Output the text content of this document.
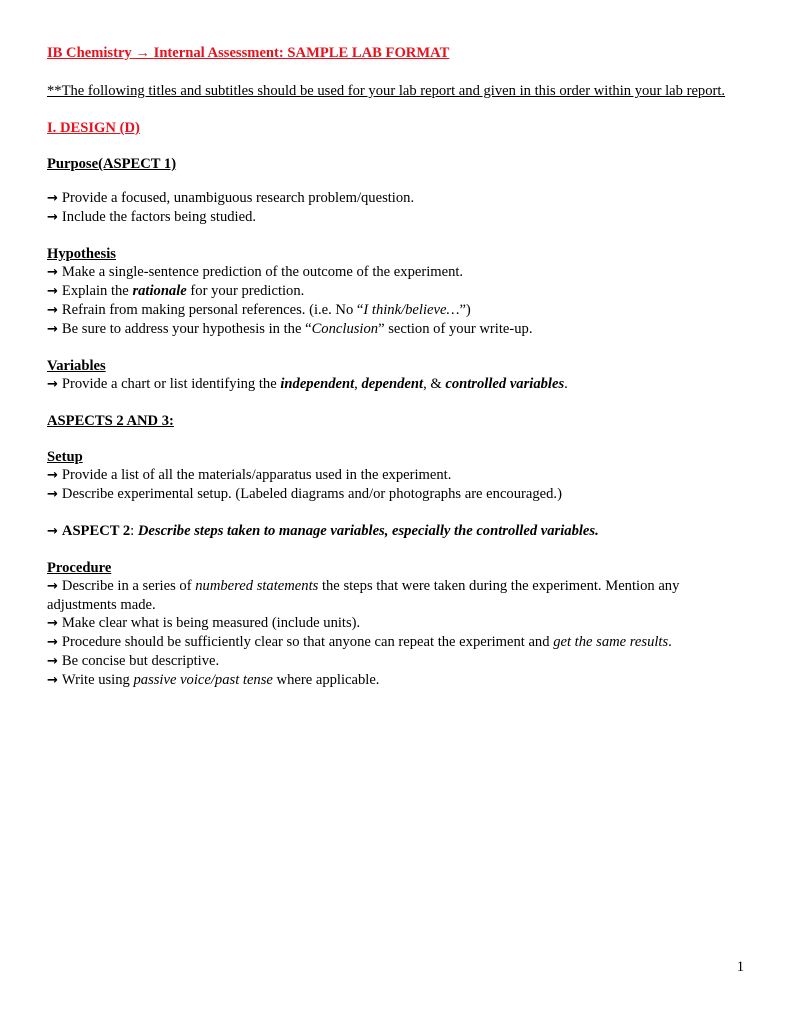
IB Chemistry → Internal Assessment: SAMPLE LAB FORMAT
**The following titles and subtitles should be used for your lab report and given in this order within your lab report.
I. DESIGN (D)
Purpose(ASPECT 1)
→ Provide a focused, unambiguous research problem/question.
→ Include the factors being studied.
Hypothesis
→ Make a single-sentence prediction of the outcome of the experiment.
→ Explain the rationale for your prediction.
→ Refrain from making personal references. (i.e. No “I think/believe…”)
→ Be sure to address your hypothesis in the “Conclusion” section of your write-up.
Variables
→ Provide a chart or list identifying the independent, dependent, & controlled variables.
ASPECTS 2 AND 3:
Setup
→ Provide a list of all the materials/apparatus used in the experiment.
→ Describe experimental setup. (Labeled diagrams and/or photographs are encouraged.)
→ ASPECT 2: Describe steps taken to manage variables, especially the controlled variables.
Procedure
→ Describe in a series of numbered statements the steps that were taken during the experiment. Mention any adjustments made.
→ Make clear what is being measured (include units).
→ Procedure should be sufficiently clear so that anyone can repeat the experiment and get the same results.
→ Be concise but descriptive.
→ Write using passive voice/past tense where applicable.
1
